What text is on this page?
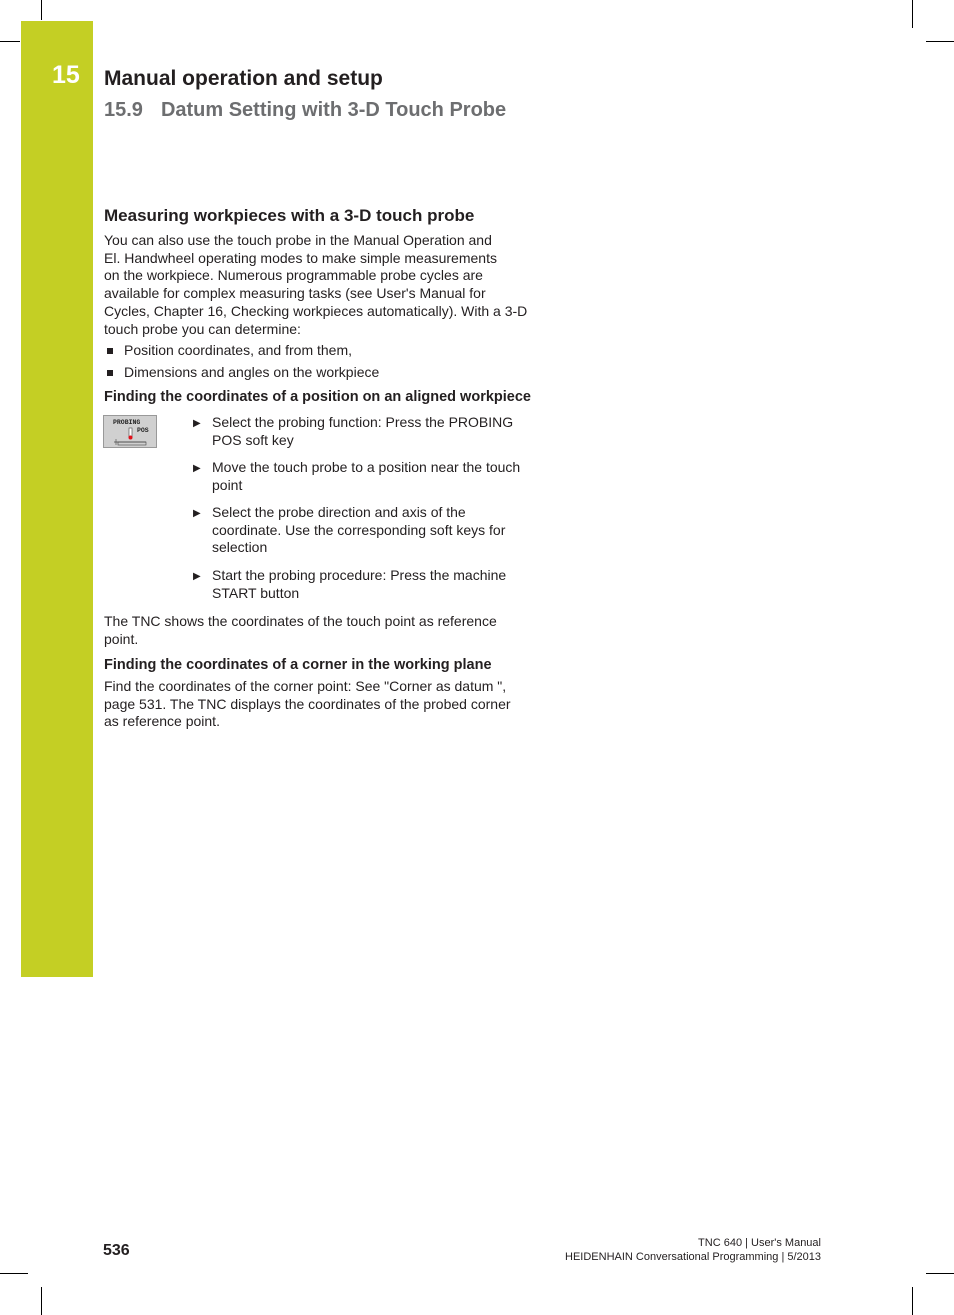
15 Manual operation and setup
15.9 Datum Setting with 3-D Touch Probe
Measuring workpieces with a 3-D touch probe
You can also use the touch probe in the Manual Operation and
El. Handwheel operating modes to make simple measurements
on the workpiece. Numerous programmable probe cycles are
available for complex measuring tasks (see User's Manual for
Cycles, Chapter 16, Checking workpieces automatically). With a 3-D
touch probe you can determine:
Position coordinates, and from them,
Dimensions and angles on the workpiece
Finding the coordinates of a position on an aligned workpiece
PROBING
POS
▶ Select the probing function: Press the PROBING
POS soft key
▶ Move the touch probe to a position near the touch
point
▶ Select the probe direction and axis of the
coordinate. Use the corresponding soft keys for
selection
▶ Start the probing procedure: Press the machine
START button
The TNC shows the coordinates of the touch point as reference
point.
Finding the coordinates of a corner in the working plane
Find the coordinates of the corner point: See "Corner as datum ",
page 531. The TNC displays the coordinates of the probed corner
as reference point.
536	TNC 640 | User's Manual
HEIDENHAIN Conversational Programming | 5/2013
